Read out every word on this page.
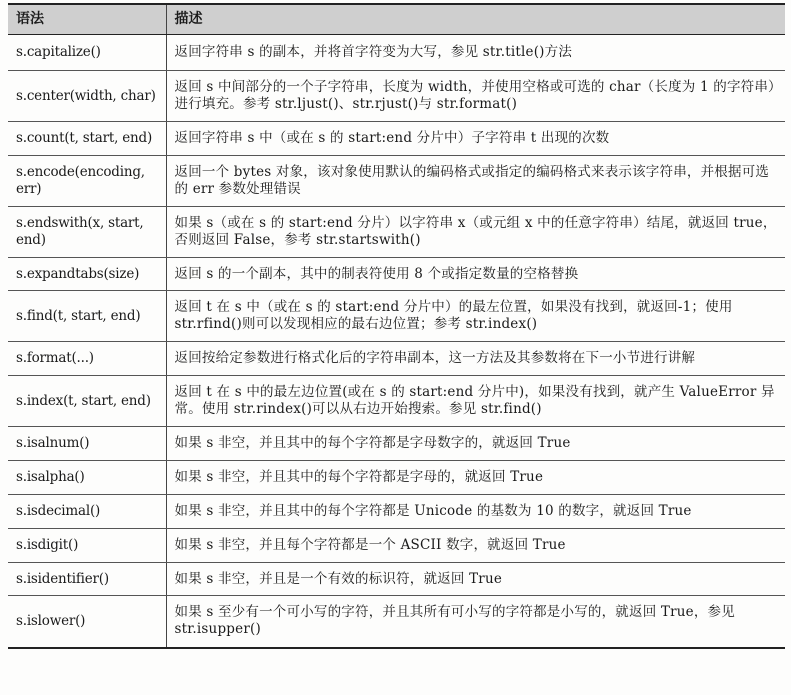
语法	描述
s.capitalize()	返回字符串 s 的副本，并将首字符变为大写，参见 str.title()方法
s.center(width, char)	返回 s 中间部分的一个子字符串，长度为 width，并使用空格或可选的 char（长度为 1 的字符串）进行填充。参考 str.ljust()、str.rjust()与 str.format()
s.count(t, start, end)	返回字符串 s 中（或在 s 的 start:end 分片中）子字符串 t 出现的次数
s.encode(encoding, err)	返回一个 bytes 对象，该对象使用默认的编码格式或指定的编码格式来表示该字符串，并根据可选的 err 参数处理错误
s.endswith(x, start, end)	如果 s（或在 s 的 start:end 分片）以字符串 x（或元组 x 中的任意字符串）结尾，就返回 true，否则返回 False，参考 str.startswith()
s.expandtabs(size)	返回 s 的一个副本，其中的制表符使用 8 个或指定数量的空格替换
s.find(t, start, end)	返回 t 在 s 中（或在 s 的 start:end 分片中）的最左位置，如果没有找到，就返回-1；使用 str.rfind()则可以发现相应的最右边位置；参考 str.index()
s.format(...)	返回按给定参数进行格式化后的字符串副本，这一方法及其参数将在下一小节进行讲解
s.index(t, start, end)	返回 t 在 s 中的最左边位置(或在 s 的 start:end 分片中)，如果没有找到，就产生 ValueError 异常。使用 str.rindex()可以从右边开始搜索。参见 str.find()
s.isalnum()	如果 s 非空，并且其中的每个字符都是字母数字的，就返回 True
s.isalpha()	如果 s 非空，并且其中的每个字符都是字母的，就返回 True
s.isdecimal()	如果 s 非空，并且其中的每个字符都是 Unicode 的基数为 10 的数字，就返回 True
s.isdigit()	如果 s 非空，并且每个字符都是一个 ASCII 数字，就返回 True
s.isidentifier()	如果 s 非空，并且是一个有效的标识符，就返回 True
s.islower()	如果 s 至少有一个可小写的字符，并且其所有可小写的字符都是小写的，就返回 True，参见 str.isupper()
